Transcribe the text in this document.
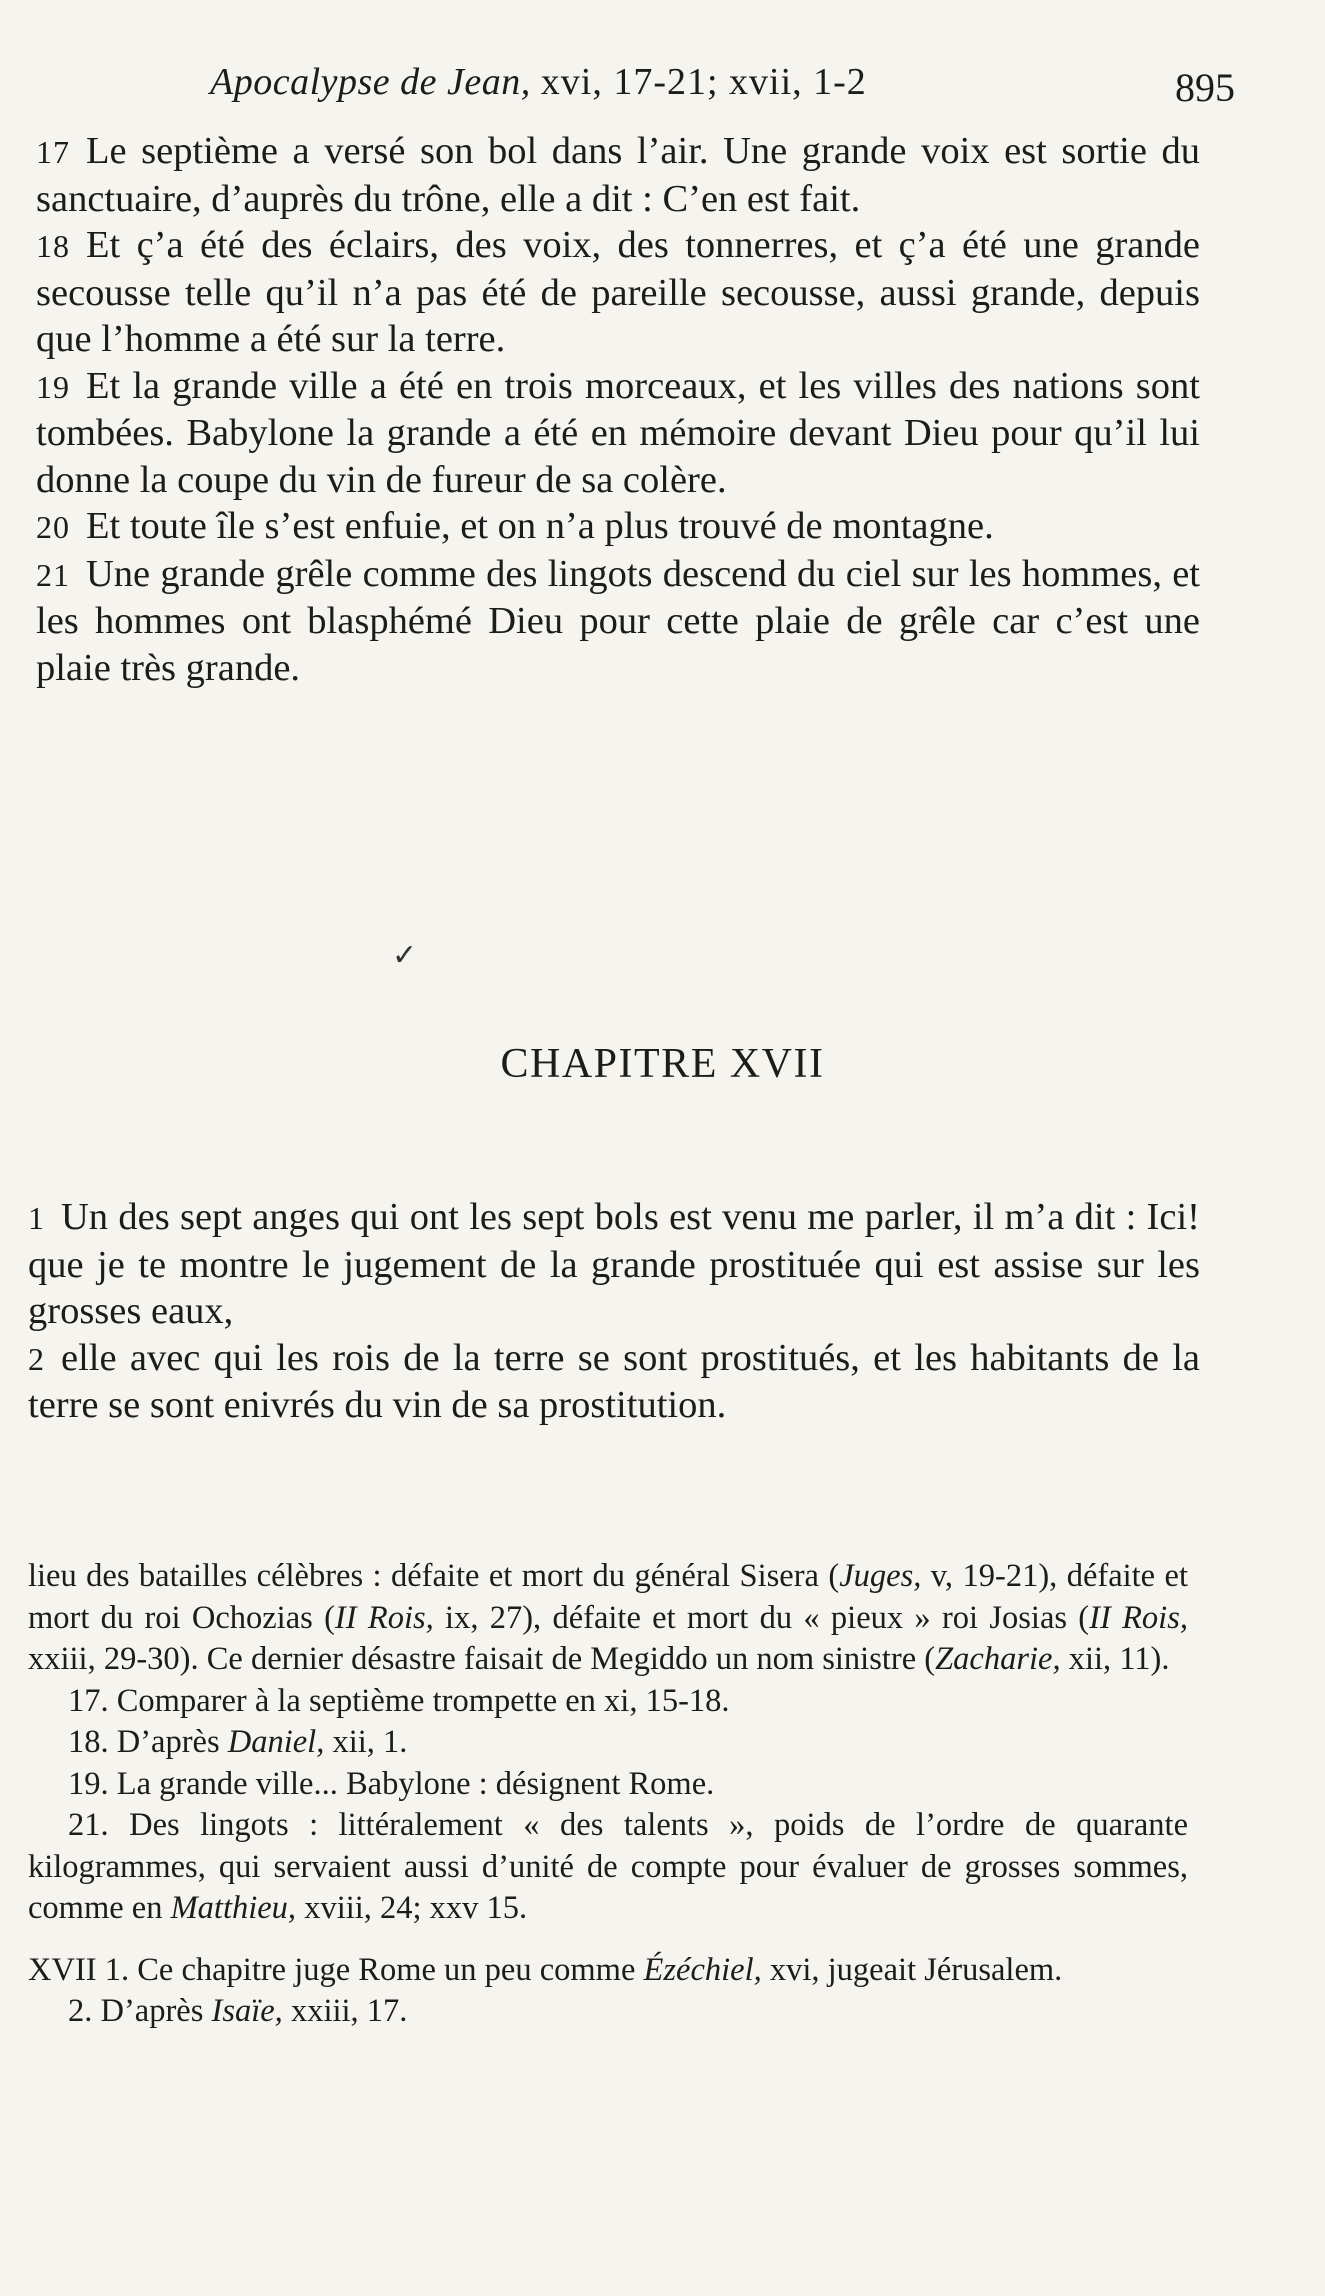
Apocalypse de Jean, xvi, 17-21; xvii, 1-2	895

17 Le septième a versé son bol dans l’air. Une grande voix est sortie du sanctuaire, d’auprès du trône, elle a dit : C’en est fait.

18 Et ç’a été des éclairs, des voix, des tonnerres, et ç’a été une grande secousse telle qu’il n’a pas été de pareille secousse, aussi grande, depuis que l’homme a été sur la terre.

19 Et la grande ville a été en trois morceaux, et les villes des nations sont tombées. Babylone la grande a été en mémoire devant Dieu pour qu’il lui donne la coupe du vin de fureur de sa colère.

20 Et toute île s’est enfuie, et on n’a plus trouvé de montagne.

21 Une grande grêle comme des lingots descend du ciel sur les hommes, et les hommes ont blasphémé Dieu pour cette plaie de grêle car c’est une plaie très grande.

✓
CHAPITRE XVII

1 Un des sept anges qui ont les sept bols est venu me parler, il m’a dit : Ici! que je te montre le jugement de la grande prostituée qui est assise sur les grosses eaux,

2 elle avec qui les rois de la terre se sont prostitués, et les habitants de la terre se sont enivrés du vin de sa prostitution.

lieu des batailles célèbres : défaite et mort du général Sisera (Juges, v, 19-21), défaite et mort du roi Ochozias (II Rois, ix, 27), défaite et mort du « pieux » roi Josias (II Rois, xxiii, 29-30). Ce dernier désastre faisait de Megiddo un nom sinistre (Zacharie, xii, 11).

17. Comparer à la septième trompette en xi, 15-18.

18. D’après Daniel, xii, 1.

19. La grande ville... Babylone : désignent Rome.

21. Des lingots : littéralement « des talents », poids de l’ordre de quarante kilogrammes, qui servaient aussi d’unité de compte pour évaluer de grosses sommes, comme en Matthieu, xviii, 24; xxv 15.

XVII 1. Ce chapitre juge Rome un peu comme Ézéchiel, xvi, jugeait Jérusalem.

2. D’après Isaïe, xxiii, 17.
